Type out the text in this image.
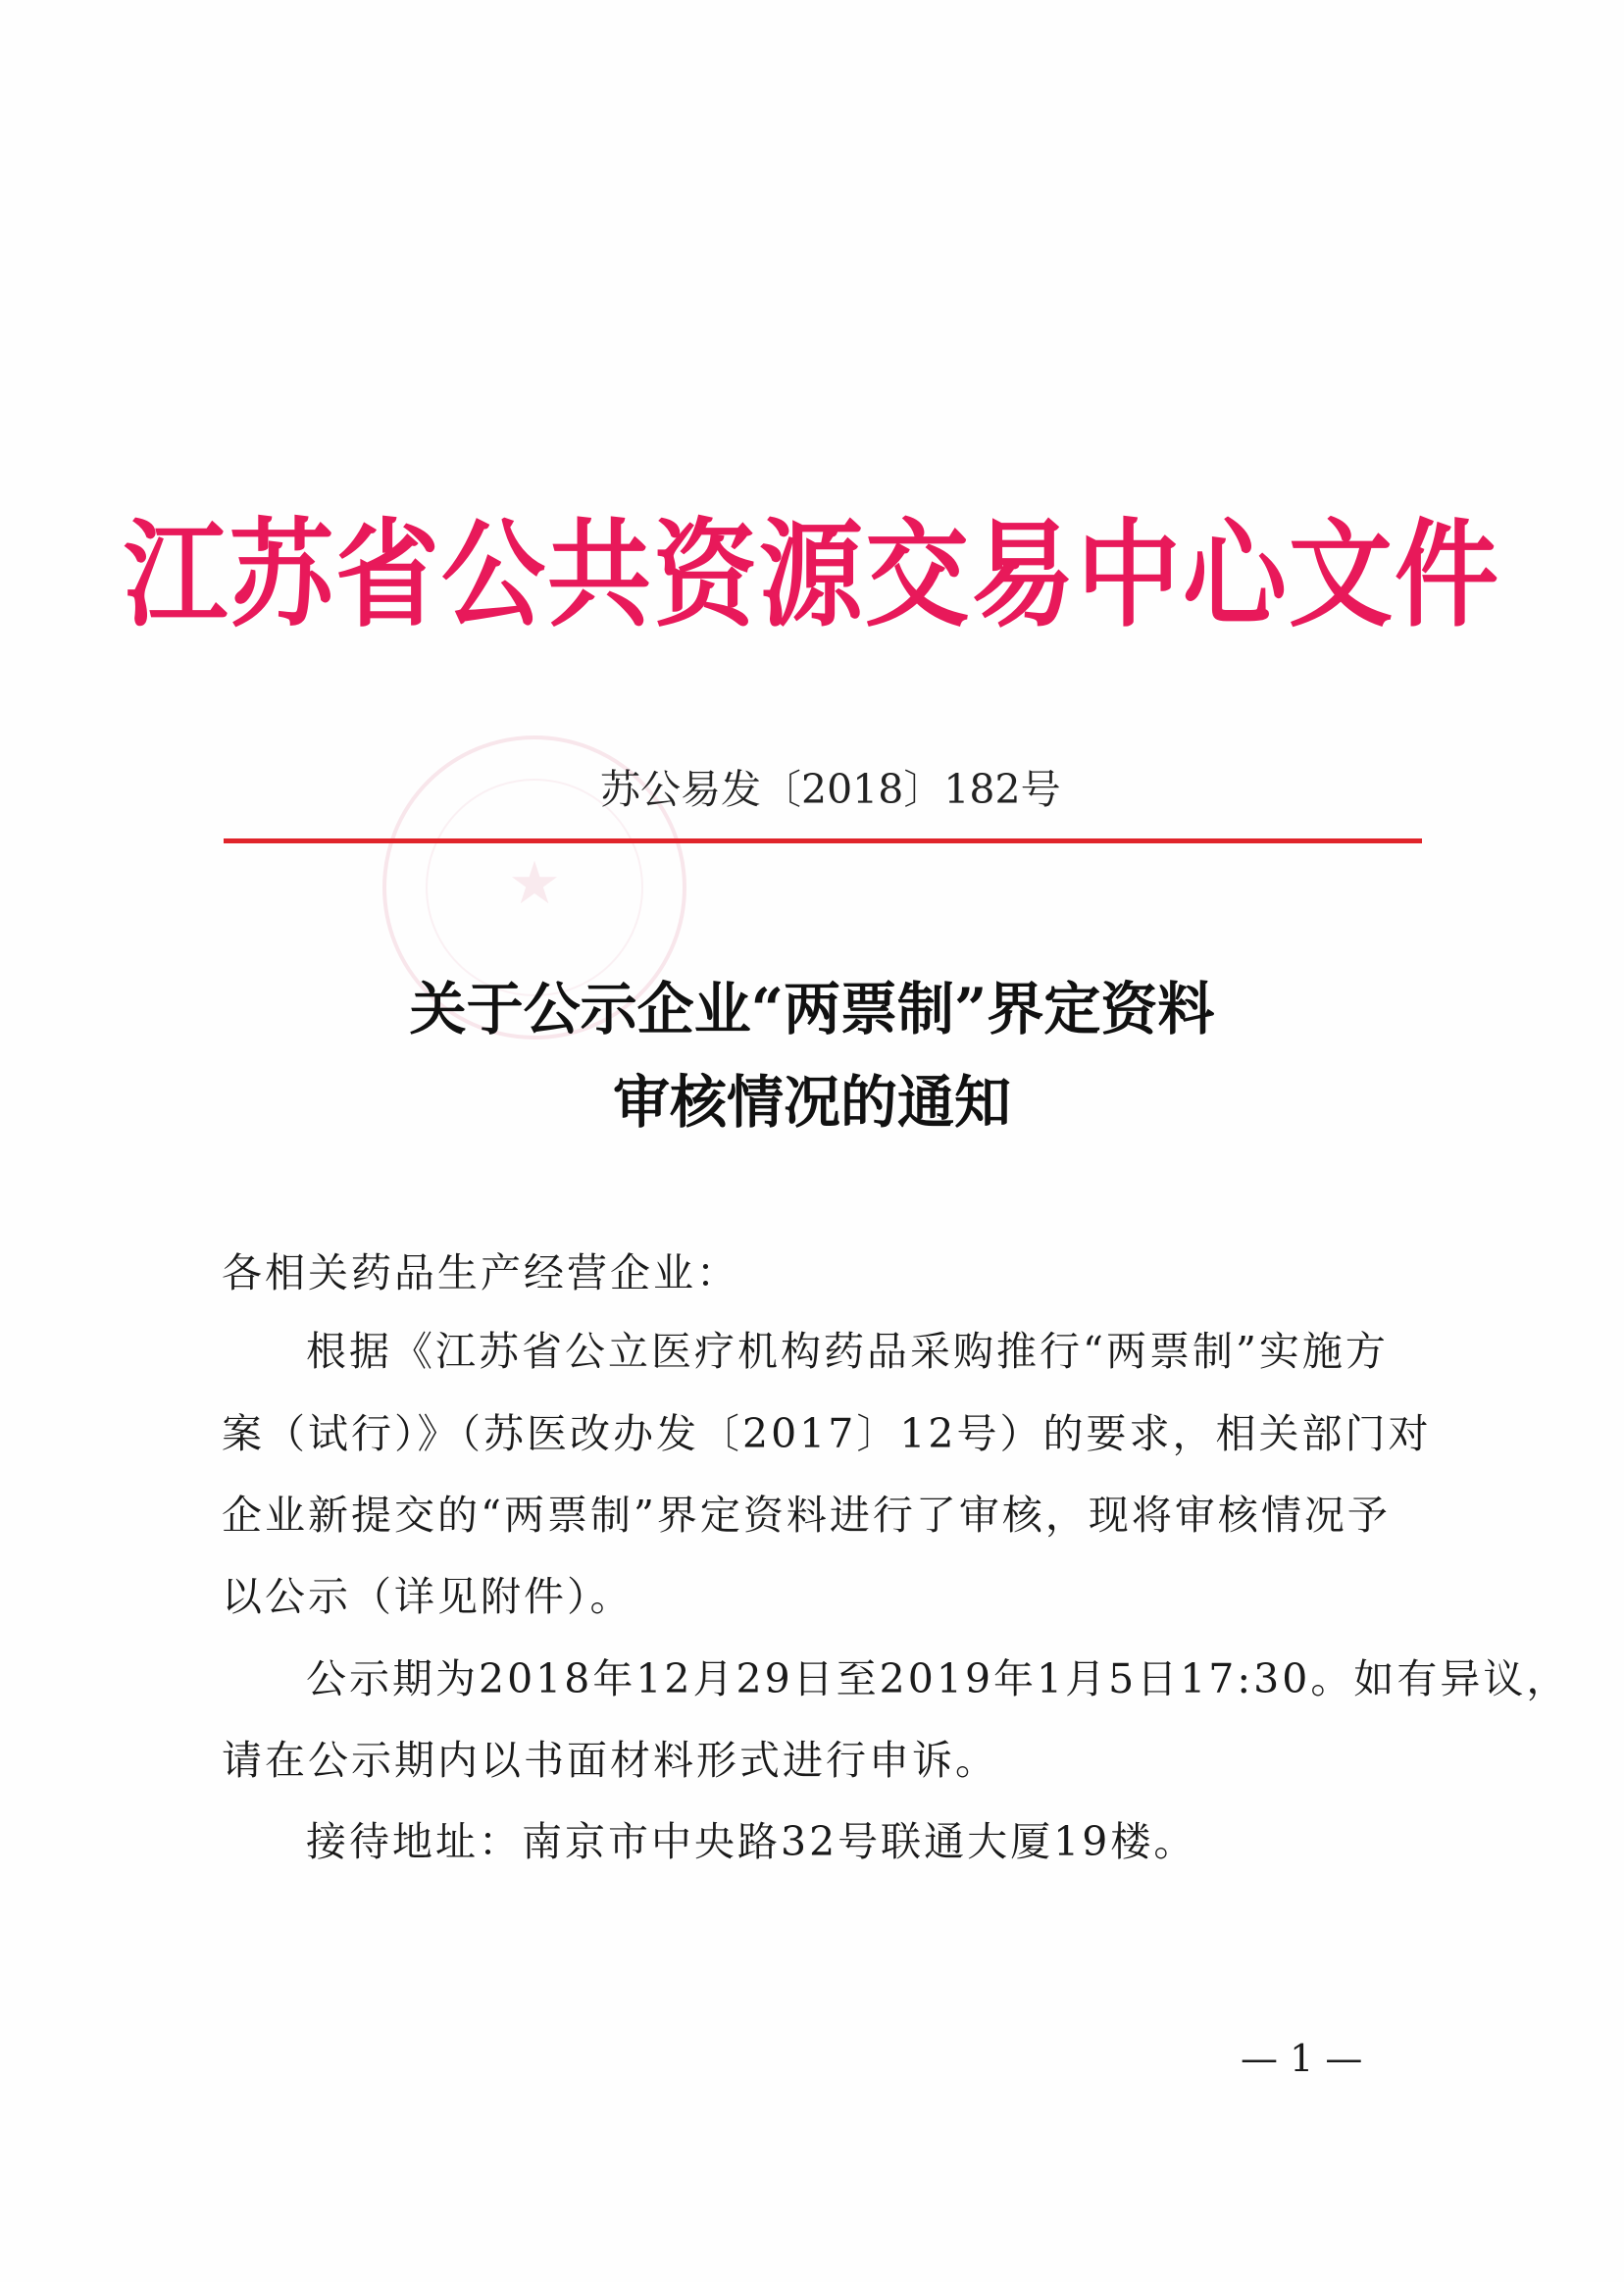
★
江苏省公共资源交易中心文件
苏公易发〔2018〕182号
关于公示企业“两票制”界定资料
审核情况的通知
各相关药品生产经营企业：
根据《江苏省公立医疗机构药品采购推行“两票制”实施方
案（试行）》（苏医改办发〔2017〕12号）的要求，相关部门对
企业新提交的“两票制”界定资料进行了审核，现将审核情况予
以公示（详见附件）。
公示期为2018年12月29日至2019年1月5日17:30。如有异议，
请在公示期内以书面材料形式进行申诉。
接待地址：南京市中央路32号联通大厦19楼。
— 1 —
